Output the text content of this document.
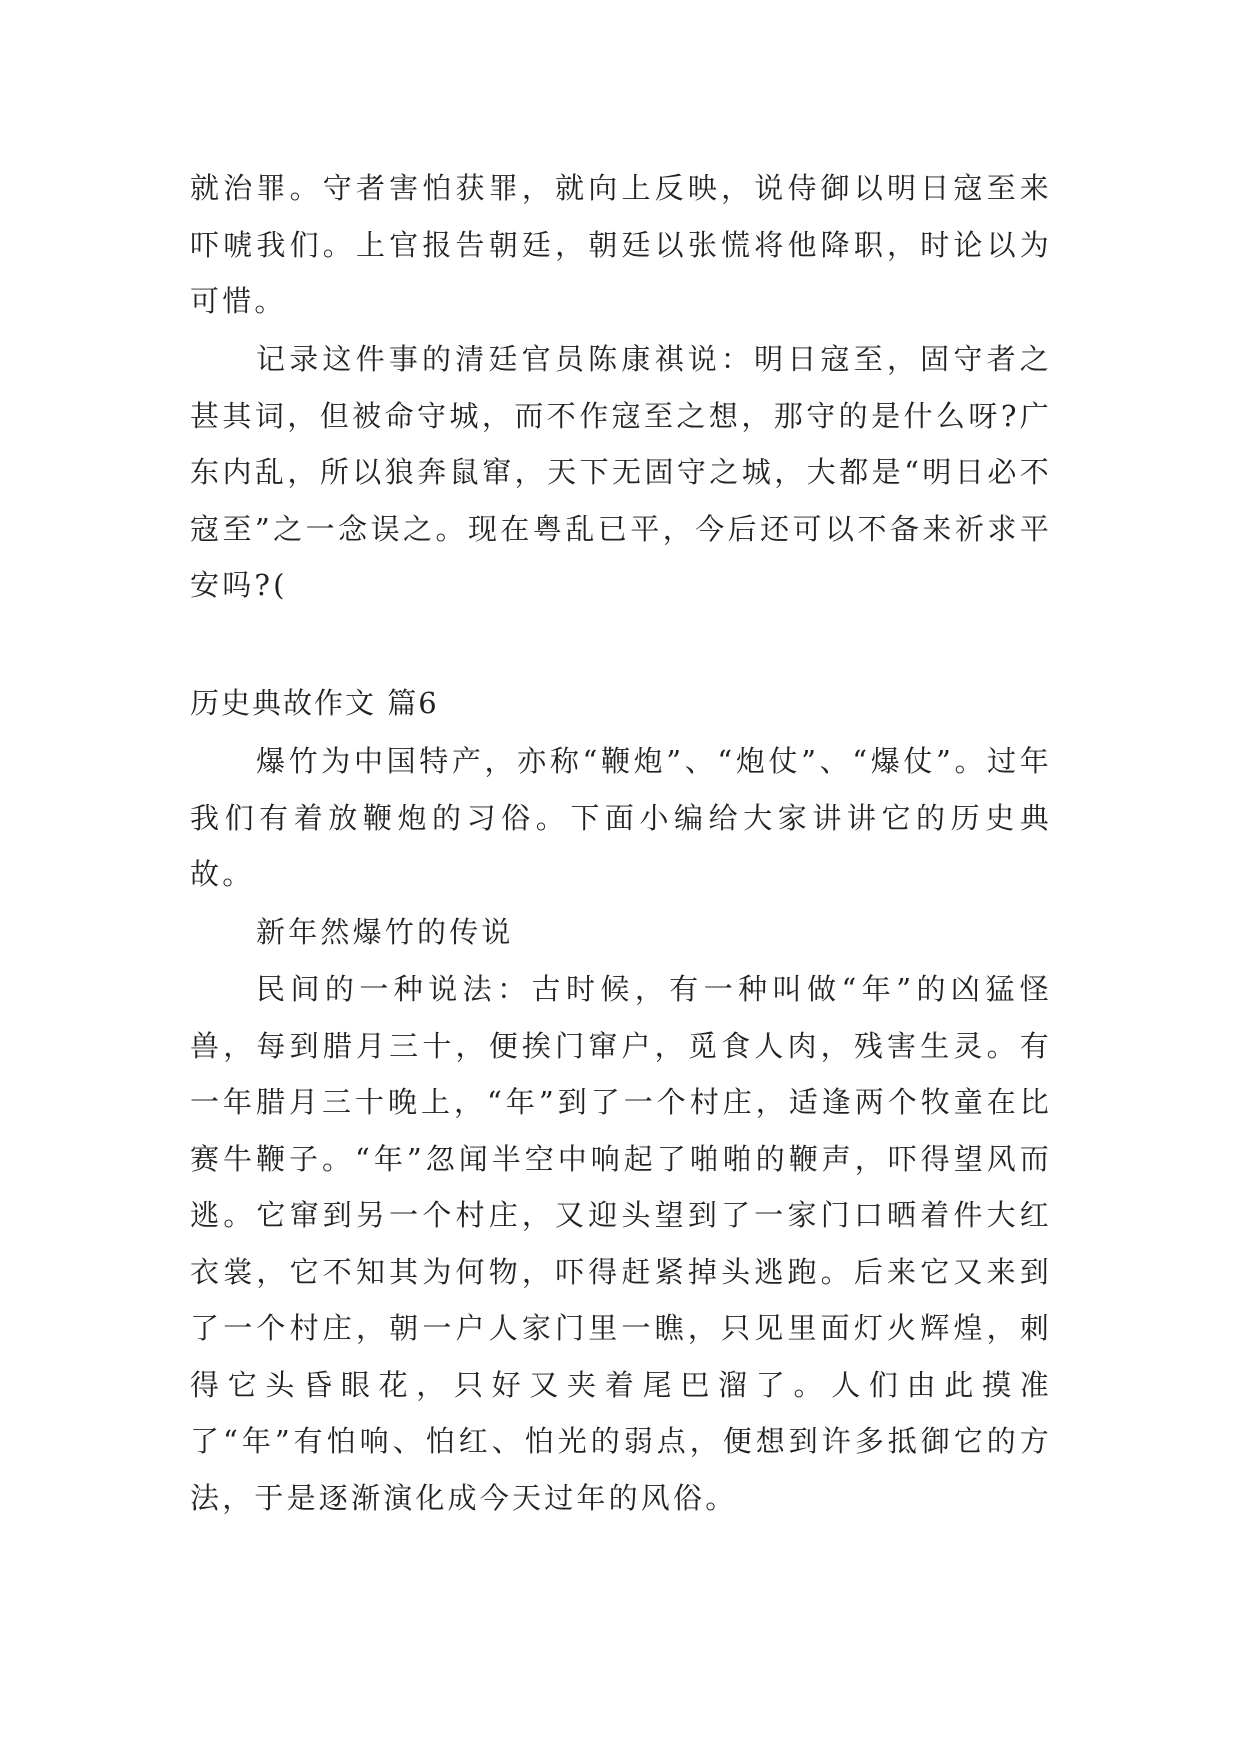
就治罪。守者害怕获罪，就向上反映，说侍御以明日寇至来吓唬我们。上官报告朝廷，朝廷以张慌将他降职，时论以为可惜。

记录这件事的清廷官员陈康祺说：明日寇至，固守者之甚其词，但被命守城，而不作寇至之想，那守的是什么呀?广东内乱，所以狼奔鼠窜，天下无固守之城，大都是“明日必不寇至”之一念误之。现在粤乱已平，今后还可以不备来祈求平安吗?(

历史典故作文 篇6

爆竹为中国特产，亦称“鞭炮”、“炮仗”、“爆仗”。过年我们有着放鞭炮的习俗。下面小编给大家讲讲它的历史典故。

新年然爆竹的传说

民间的一种说法：古时候，有一种叫做“年”的凶猛怪兽，每到腊月三十，便挨门窜户，觅食人肉，残害生灵。有一年腊月三十晚上，“年”到了一个村庄，适逢两个牧童在比赛牛鞭子。“年”忽闻半空中响起了啪啪的鞭声，吓得望风而逃。它窜到另一个村庄，又迎头望到了一家门口晒着件大红衣裳，它不知其为何物，吓得赶紧掉头逃跑。后来它又来到了一个村庄，朝一户人家门里一瞧，只见里面灯火辉煌，刺得它头昏眼花，只好又夹着尾巴溜了。人们由此摸准了“年”有怕响、怕红、怕光的弱点，便想到许多抵御它的方法，于是逐渐演化成今天过年的风俗。
